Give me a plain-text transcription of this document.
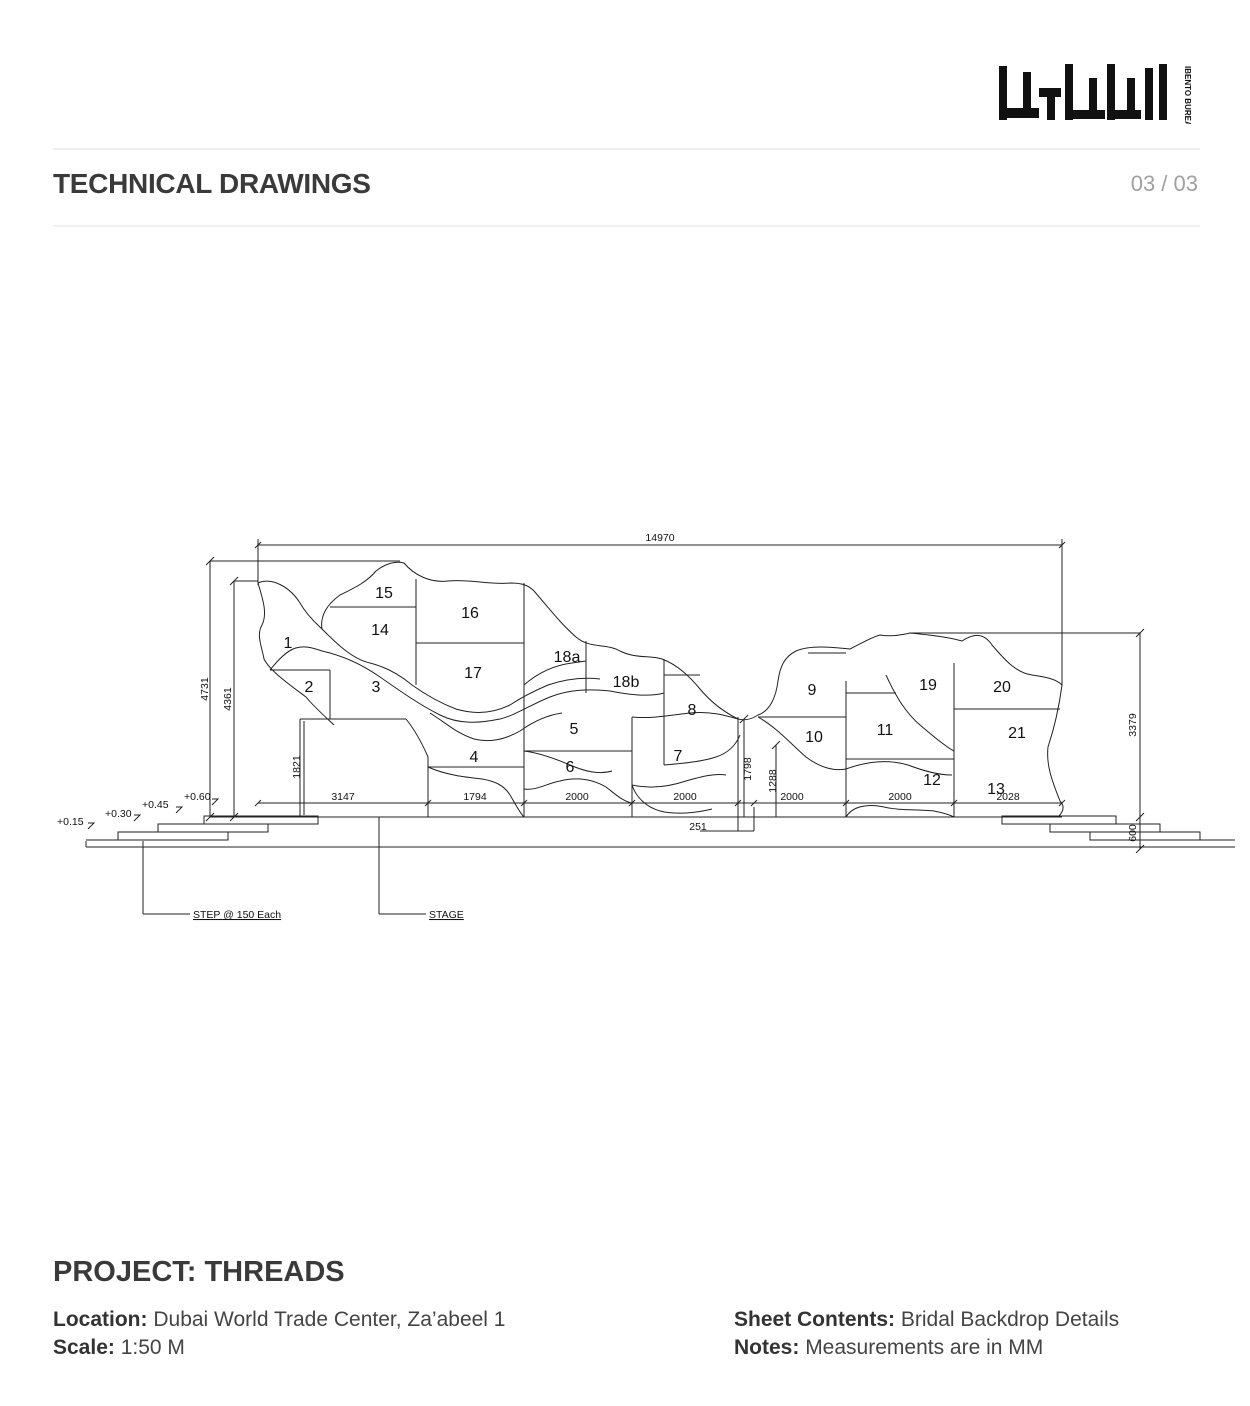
IBENTO BUREAU
TECHNICAL DRAWINGS	03 / 03
14970
4731 4361
1821	1798
1288
3379
600
3147	1794	2000	2000	2000	2000	2028
251
+0.15
+0.30
+0.45
+0.60
STEP @ 150 Each	STAGE
1
2	3
4
5
6
7
8
9
10	11
12
13
14
15
16
17
18a
18b	19	20
21
PROJECT: THREADS
Location: Dubai World Trade Center, Za’abeel 1
Scale: 1:50 M
Sheet Contents: Bridal Backdrop Details
Notes: Measurements are in MM
